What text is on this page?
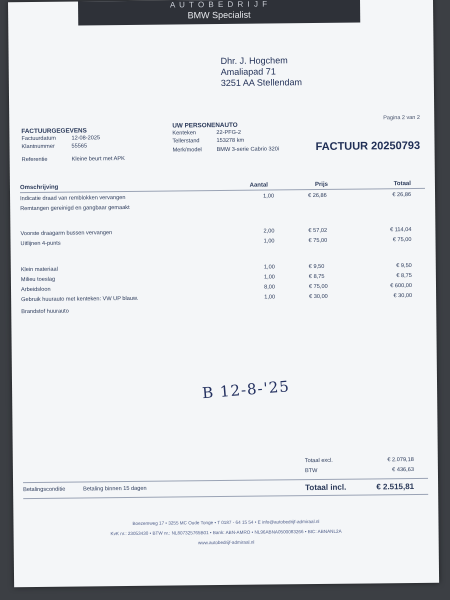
A U T O B E D R I J F
BMW Specialist
Dhr. J. Hogchem
Amaliapad 71
3251 AA Stellendam
Pagina 2 van 2
FACTUURGEGEVENS
Factuurdatum	12-08-2025
Klantnummer	55565
Referentie	Kleine beurt met APK
UW PERSONENAUTO
Kenteken	22-PFG-2
Tellerstand	153278 km
Merk/model	BMW 3-serie Cabrio 320i	FACTUUR 20250793
Omschrijving	Aantal	Prijs	Totaal
Indicatie draad van remblokken vervangen	1,00	€ 26,86	€ 26,86
Remtangen gereinigd en gangbaar gemaakt
Voorste draagarm bussen vervangen	2,00	€ 57,02	€ 114,04
Uitlijnen 4-punts	1,00	€ 75,00	€ 75,00
Klein materiaal	1,00	€ 9,50	€ 9,50
Milieu toeslag	1,00	€ 8,75	€ 8,75
Arbeidsloon	8,00	€ 75,00	€ 600,00
Gebruik huurauto met kenteken: VW UP blauw.	1,00	€ 30,00	€ 30,00
Brandstof huurauto
B 12-8-'25
Totaal excl.	€ 2.079,18
BTW	€ 436,63
Totaal incl.	€ 2.515,81
Betalingsconditie	Betaling binnen 15 dagen
Boezemweg 17 • 3255 MC Oude Tonge • T 0187 - 64 15 54 • E info@autobedrijf-admiraal.nl
KvK nr.: 23053430 • BTW nr.: NL807325765B01 • Bank: ABN-AMRO • NL96ABNA0500083266 • BIC: ABNANL2A
www.autobedrijf-admiraal.nl
